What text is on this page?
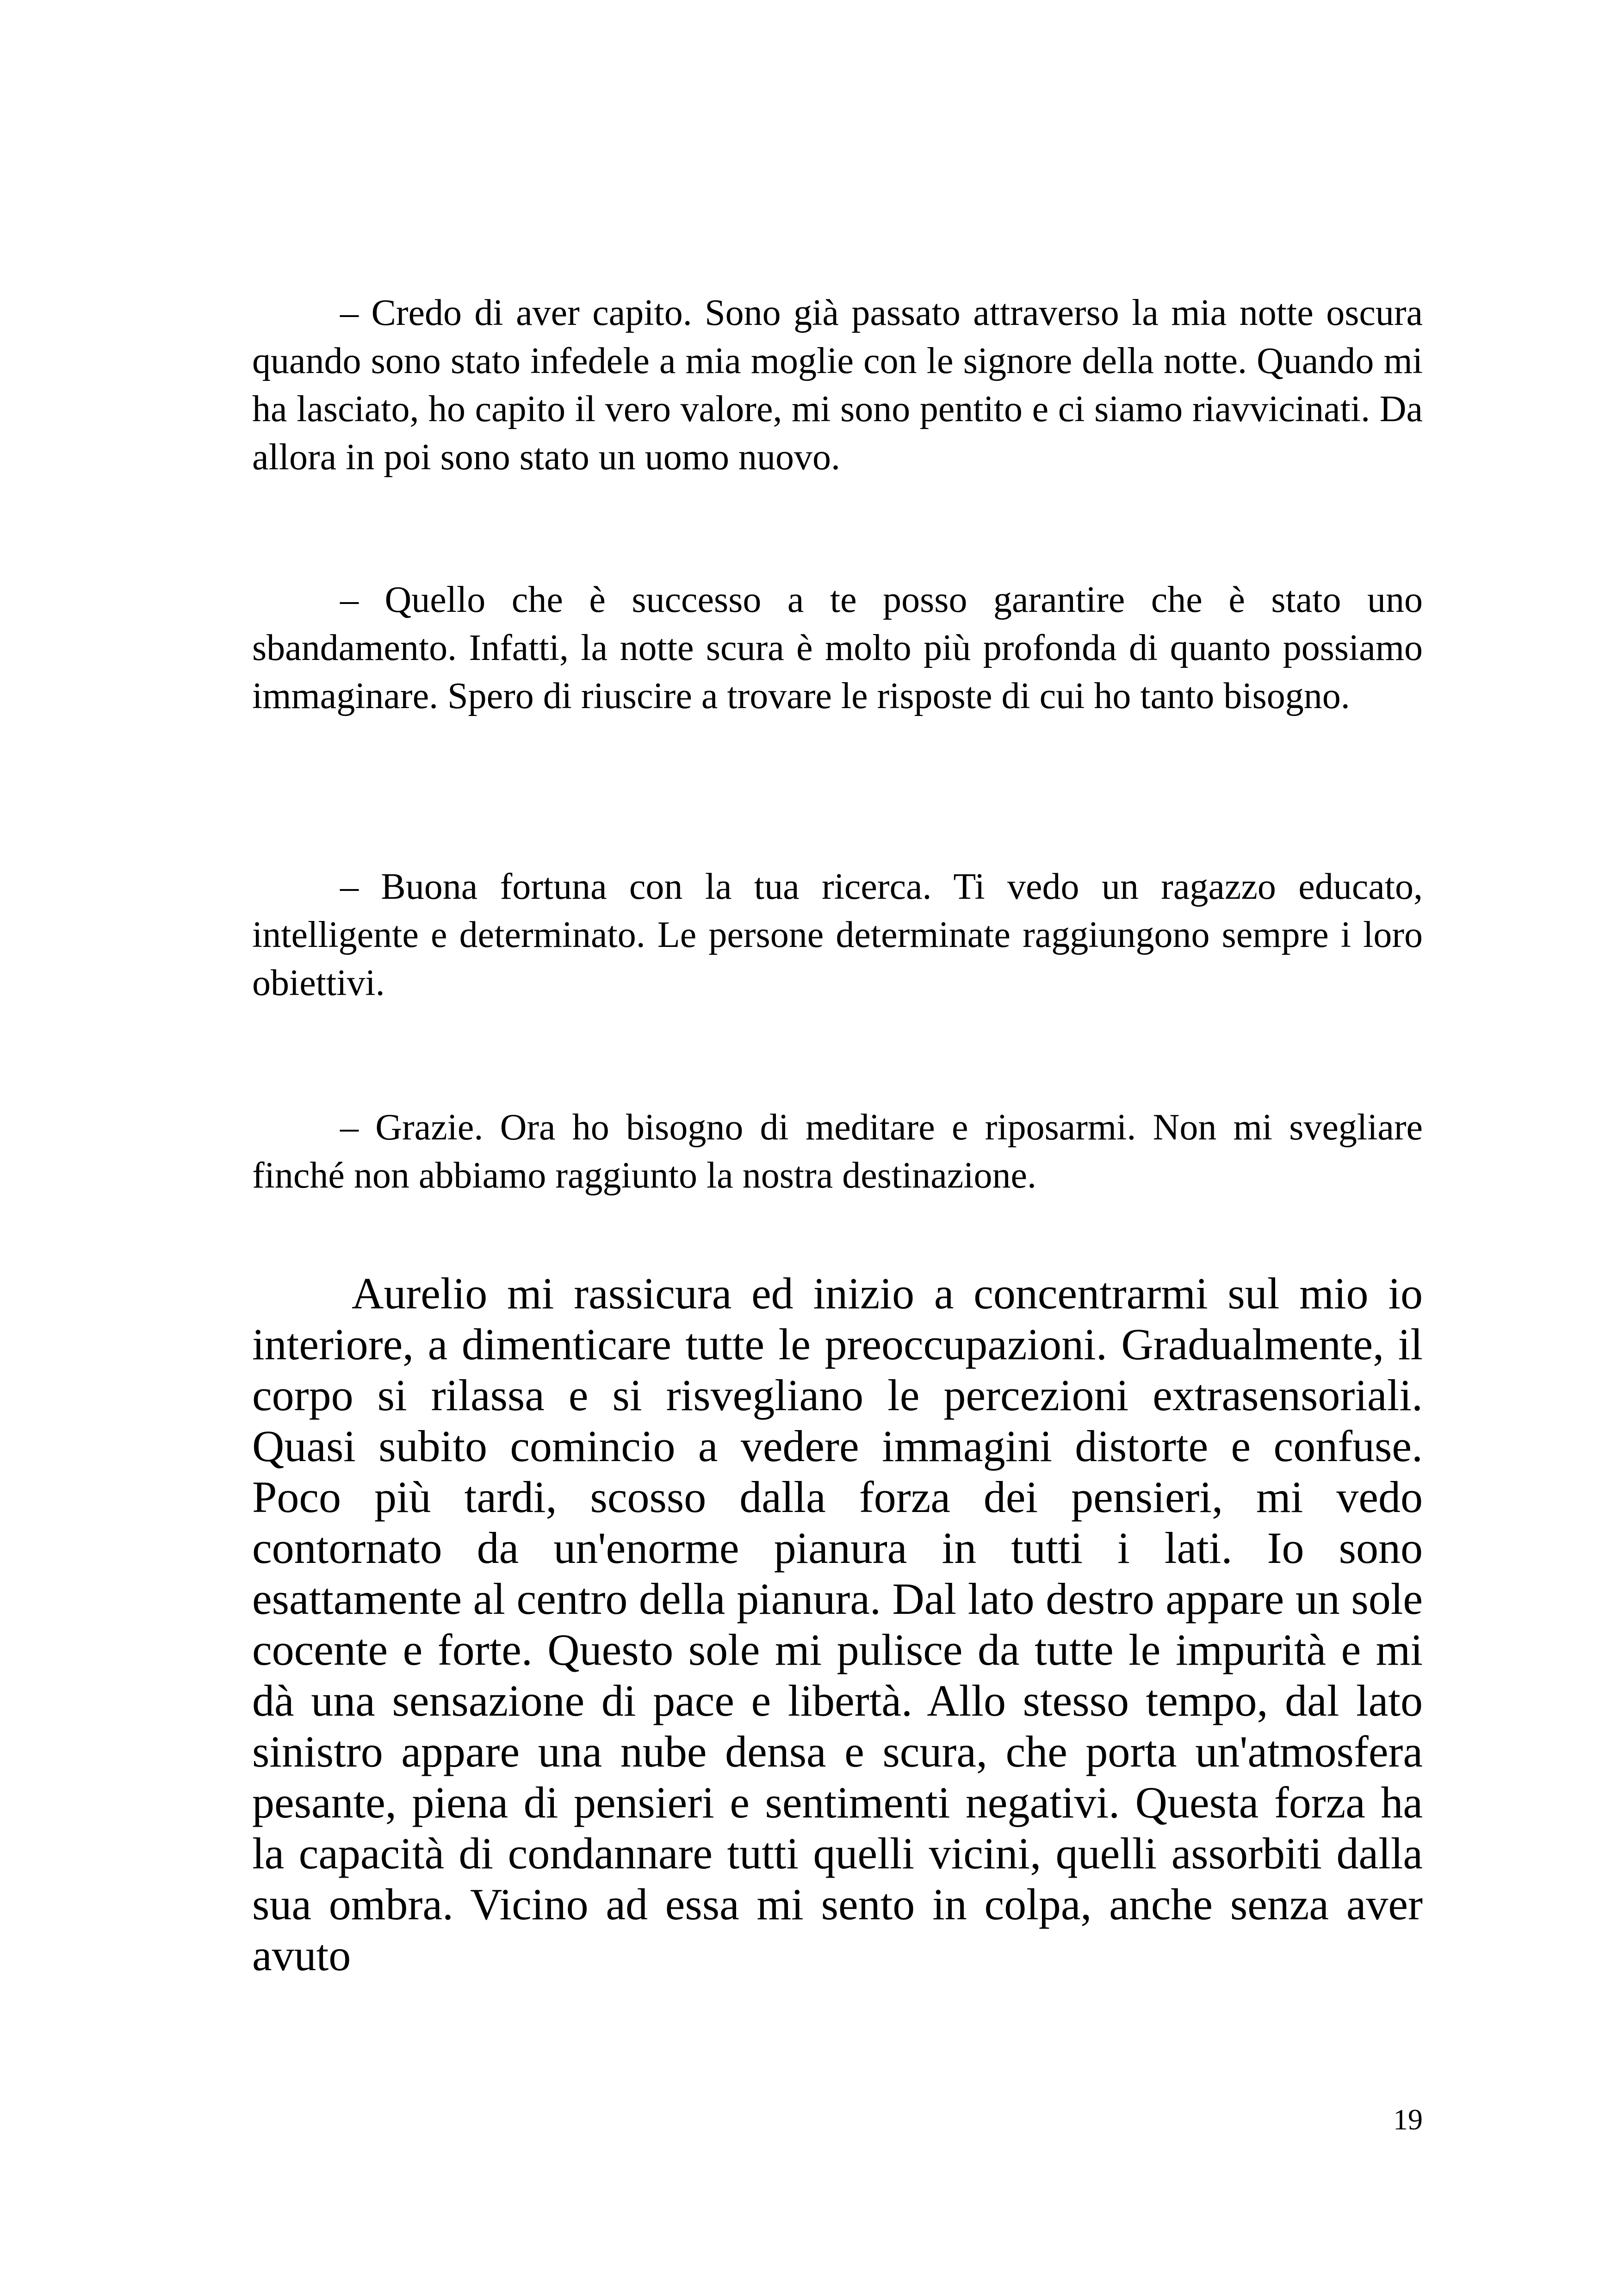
– Credo di aver capito. Sono già passato attraverso la mia notte oscura quando sono stato infedele a mia moglie con le signore della notte. Quando mi ha lasciato, ho capito il vero valore, mi sono pentito e ci siamo riavvicinati. Da allora in poi sono stato un uomo nuovo.

– Quello che è successo a te posso garantire che è stato uno sbandamento. Infatti, la notte scura è molto più profonda di quanto possiamo immaginare. Spero di riuscire a trovare le risposte di cui ho tanto bisogno.

– Buona fortuna con la tua ricerca. Ti vedo un ragazzo educato, intelligente e determinato. Le persone determinate raggiungono sempre i loro obiettivi.

– Grazie. Ora ho bisogno di meditare e riposarmi. Non mi svegliare finché non abbiamo raggiunto la nostra destinazione.

Aurelio mi rassicura ed inizio a concentrarmi sul mio io interiore, a dimenticare tutte le preoccupazioni. Gradualmente, il corpo si rilassa e si risvegliano le percezioni extrasensoriali. Quasi subito comincio a vedere immagini distorte e confuse. Poco più tardi, scosso dalla forza dei pensieri, mi vedo contornato da un'enorme pianura in tutti i lati. Io sono esattamente al centro della pianura. Dal lato destro appare un sole cocente e forte. Questo sole mi pulisce da tutte le impurità e mi dà una sensazione di pace e libertà. Allo stesso tempo, dal lato sinistro appare una nube densa e scura, che porta un'atmosfera pesante, piena di pensieri e sentimenti negativi. Questa forza ha la capacità di condannare tutti quelli vicini, quelli assorbiti dalla sua ombra. Vicino ad essa mi sento in colpa, anche senza aver avuto

19
